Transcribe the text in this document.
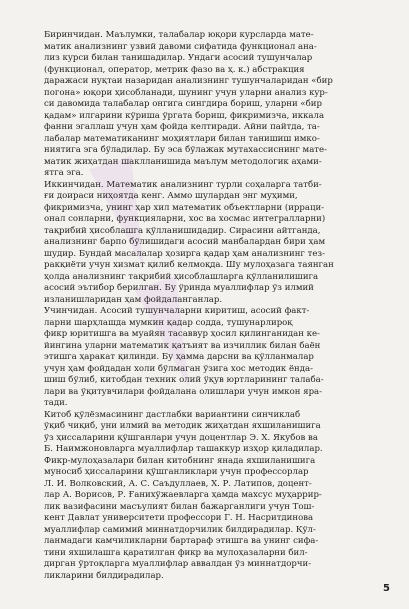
Биринчидан. Маълумки, талабалар юқори курсларда мате-
матик анализнинг узвий давоми сифатида функционал ана-
лиз курси билан танишадилар. Ундаги асосий тушунчалар
(функционал, оператор, метрик фазо ва ҳ. к.) абстракция
даражаси нуқтаи назаридан анализнинг тушунчаларидан «бир
погона» юқори ҳисобланади, шунинг учун уларни анализ кур-
си давомида талабалар онгига сингдира бориш, уларни «бир
қадам» илгарини кўриша ўргата бориш, фикримизча, иккала
фанни эгаллаш учун ҳам фойда келтиради. Айни пайтда, та-
лабалар математиканинг моҳиятлари билан танишиш имко-
ниятига эга бўладилар. Бу эса бўлажак мутахассиснинг мате-
матик жиҳатдан шаклланишида маълум методологик аҳами-
ятга эга.
Иккинчидан. Математик анализнинг турли соҳаларга татби-
ғи доираси ниҳоятда кенг. Аммо шулардан энг муҳими,
фикримизча, унинг ҳар хил математик объектларни (ирраци-
онал сонларни, функцияларни, хос ва хосмас интегралларни)
тақрибий ҳисоблашга қўлланишидадир. Сирасини айтганда,
анализнинг барпо бўлишидаги асосий манбалардан бири ҳам
шудир. Бундай масалалар ҳозирга қадар ҳам анализнинг тез-
ракқиёти учун хизмат қилиб келмоқда. Шу мулоҳазага таянган
ҳолда анализнинг тақрибий ҳисоблашларга қўлланилишига
асосий эътибор берилган. Бу ўринда муаллифлар ўз илмий
изланишларидан ҳам фойдаланганлар.
Учинчидан. Асосий тушунчаларни киритиш, асосий факт-
ларни шарҳлашда мумкин қадар содда, тушунарлироқ
фикр юритишга ва муайян тасаввур ҳосил қилинганидан ке-
йингина уларни математик қатъият ва изчиллик билан баён
этишга ҳаракат қилинди. Бу ҳамма дарсни ва қўлланмалар
учун ҳам фойдадан холи бўлмаган ўзига хос методик ёндa-
шиш бўлиб, китобдан техник олий ўқув юртларининг талаба-
лари ва ўқитувчилари фойдалана олишлари учун имкон яра-
тади.
Китоб қўлёзмасининг дастлабки вариантини синчиклаб
ўқиб чиқиб, уни илмий ва методик жиҳатдан яхшиланишига
ўз ҳиссаларини қўшганлари учун доцентлар Э. Х. Якубов ва
Б. Наимжоновларга муаллифлар ташаккур изҳор қиладилар.
Фикр-мулоҳазалари билан китобнинг янада яхшиланишига
муносиб ҳиссаларини қўшганликлари учун профессорлар
Л. И. Волковский, А. С. Саъдуллаев, Х. Р. Латипов, доцент-
лар А. Ворисов, Р. Ғаниxўжаевларга ҳамда махсус муҳаррир-
лик вазифасини масъулият билан бажарганлиги учун Тош-
кент Давлат университети профессори Г. Н. Насритдинова
муаллифлар самимий миннатдорчилик билдирадилар. Қўл-
ланмадаги камчиликларни бартараф этишга ва унинг сифа-
тини яхшилашга қаратилган фикр ва мулоҳазаларни бил-
дирган ўртоқларга муаллифлар аввалдан ўз миннатдорчи-
ликларини билдирадилар.
5
